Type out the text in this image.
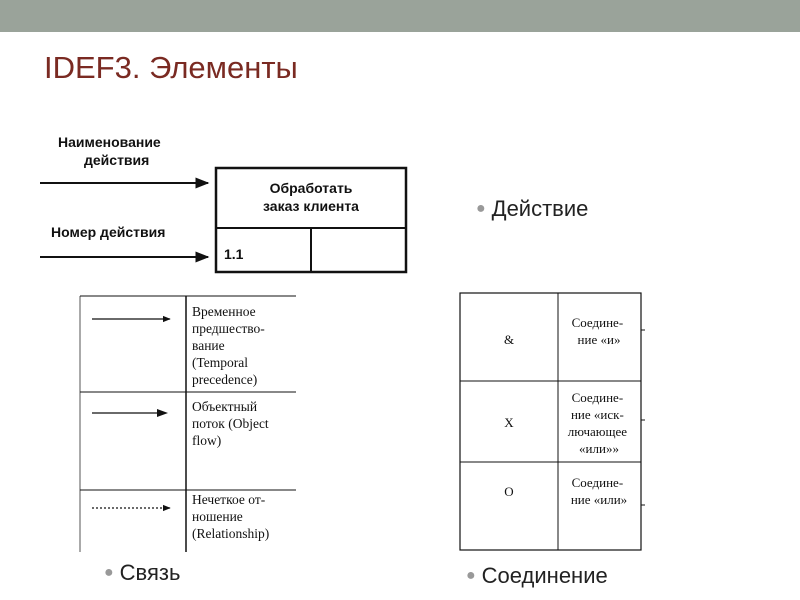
IDEF3. Элементы
Наименование
действия
Номер действия
Обработать
заказ клиента
1.1
Временное предшество- вание (Temporal precedence)
Объектный поток (Object flow)
Нечеткое от- ношение (Relationship)
&
X
O
Соедине- ние «и»
Соедине- ние «иск- лючающее «или»»
Соедине- ние «или»
● Действие
● Связь	● Соединение
